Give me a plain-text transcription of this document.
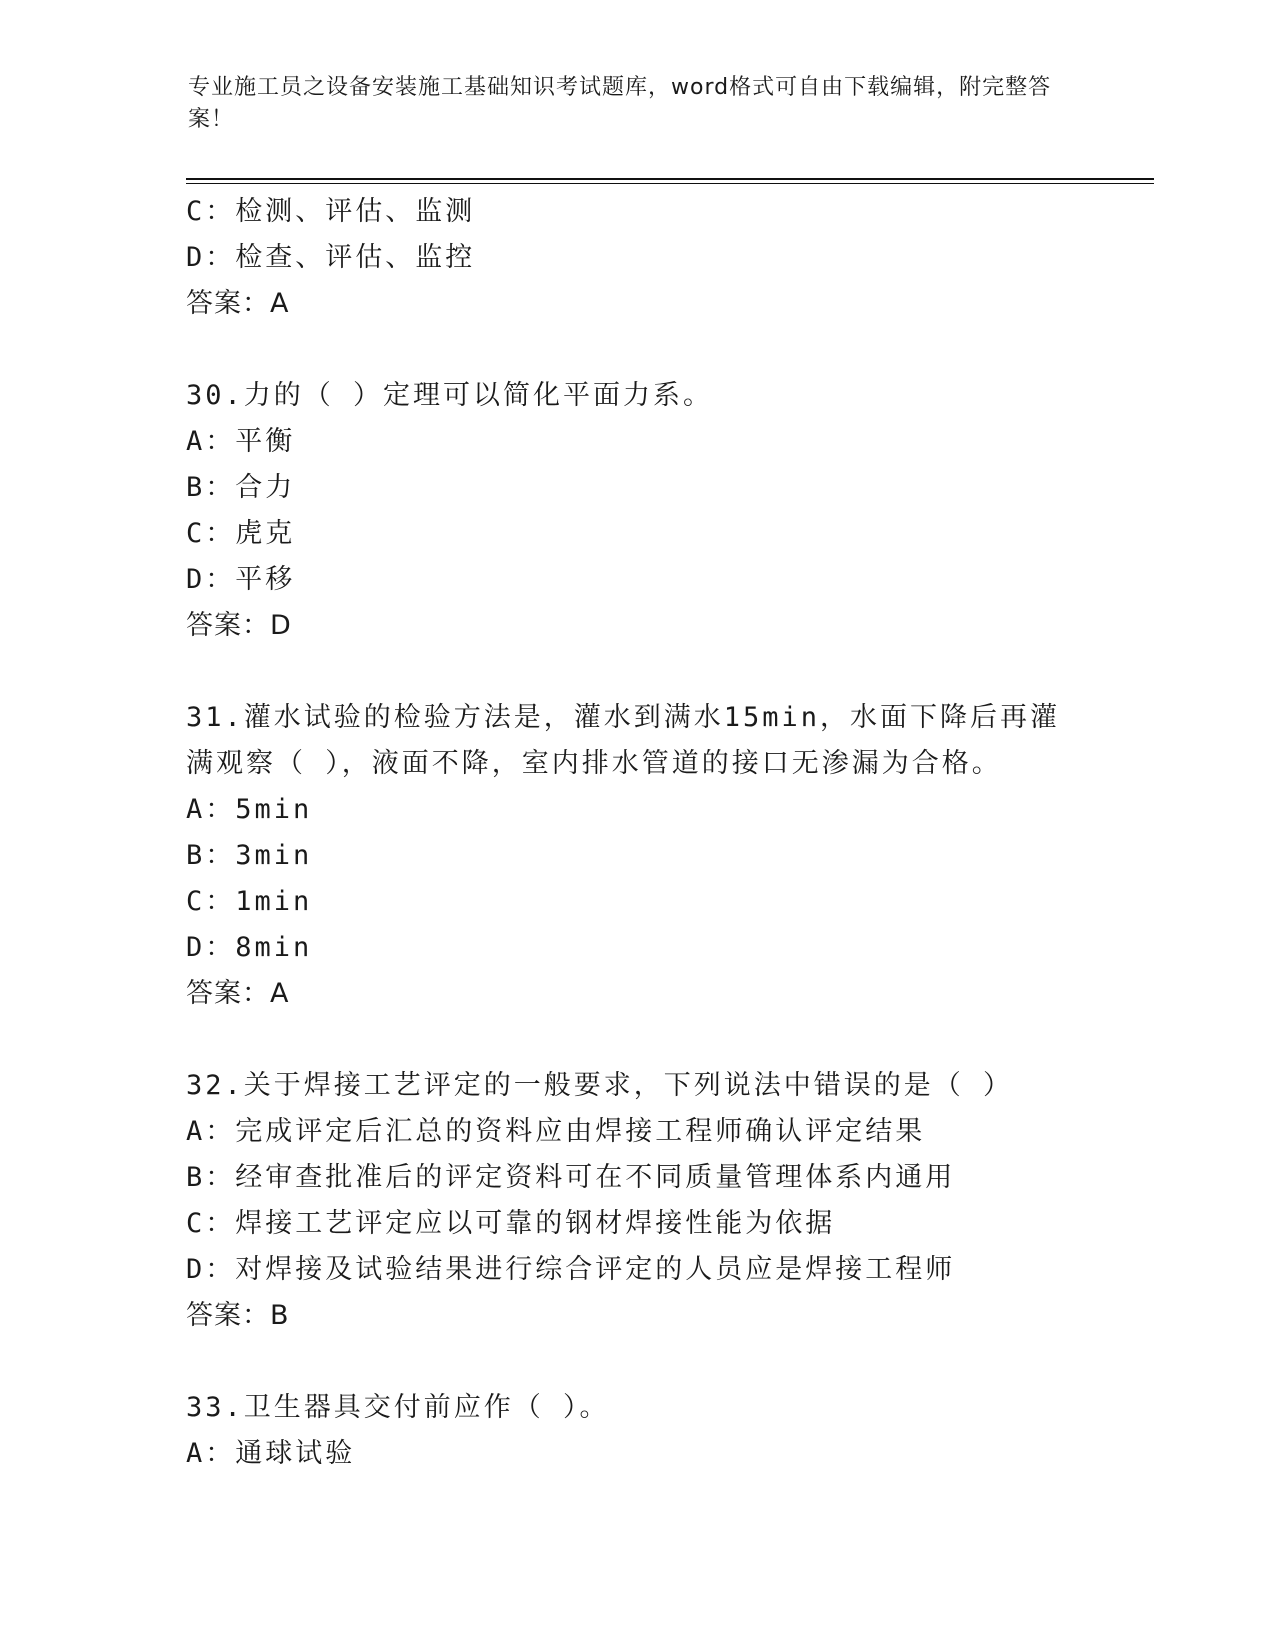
专业施工员之设备安装施工基础知识考试题库，word格式可自由下载编辑，附完整答案！
C：检测、评估、监测
D：检查、评估、监控
答案：A
30.力的（ ）定理可以简化平面力系。
A：平衡
B：合力
C：虎克
D：平移
答案：D
31.灌水试验的检验方法是，灌水到满水15min，水面下降后再灌满观察（ ），液面不降，室内排水管道的接口无渗漏为合格。
A：5min
B：3min
C：1min
D：8min
答案：A
32.关于焊接工艺评定的一般要求，下列说法中错误的是（ ）
A：完成评定后汇总的资料应由焊接工程师确认评定结果
B：经审查批准后的评定资料可在不同质量管理体系内通用
C：焊接工艺评定应以可靠的钢材焊接性能为依据
D：对焊接及试验结果进行综合评定的人员应是焊接工程师
答案：B
33.卫生器具交付前应作（ ）。
A：通球试验
